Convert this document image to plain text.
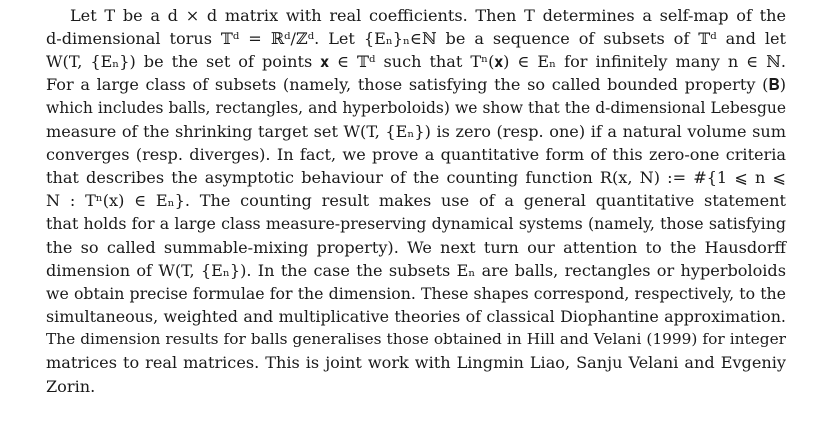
Let T be a d × d matrix with real coefficients. Then T determines a self-map of the
d-dimensional torus 𝕋ᵈ = ℝᵈ/ℤᵈ. Let {Eₙ}ₙ∈ℕ be a sequence of subsets of 𝕋ᵈ and let
W(T, {Eₙ}) be the set of points 𝐱 ∈ 𝕋ᵈ such that Tⁿ(𝐱) ∈ Eₙ for infinitely many n ∈ ℕ.
For a large class of subsets (namely, those satisfying the so called bounded property (𝐁)
which includes balls, rectangles, and hyperboloids) we show that the d-dimensional Lebesgue
measure of the shrinking target set W(T, {Eₙ}) is zero (resp. one) if a natural volume sum
converges (resp. diverges). In fact, we prove a quantitative form of this zero-one criteria
that describes the asymptotic behaviour of the counting function R(x, N) := #{1 ⩽ n ⩽
N : Tⁿ(x) ∈ Eₙ}. The counting result makes use of a general quantitative statement
that holds for a large class measure-preserving dynamical systems (namely, those satisfying
the so called summable-mixing property). We next turn our attention to the Hausdorff
dimension of W(T, {Eₙ}). In the case the subsets Eₙ are balls, rectangles or hyperboloids
we obtain precise formulae for the dimension. These shapes correspond, respectively, to the
simultaneous, weighted and multiplicative theories of classical Diophantine approximation.
The dimension results for balls generalises those obtained in Hill and Velani (1999) for integer
matrices to real matrices. This is joint work with Lingmin Liao, Sanju Velani and Evgeniy
Zorin.
